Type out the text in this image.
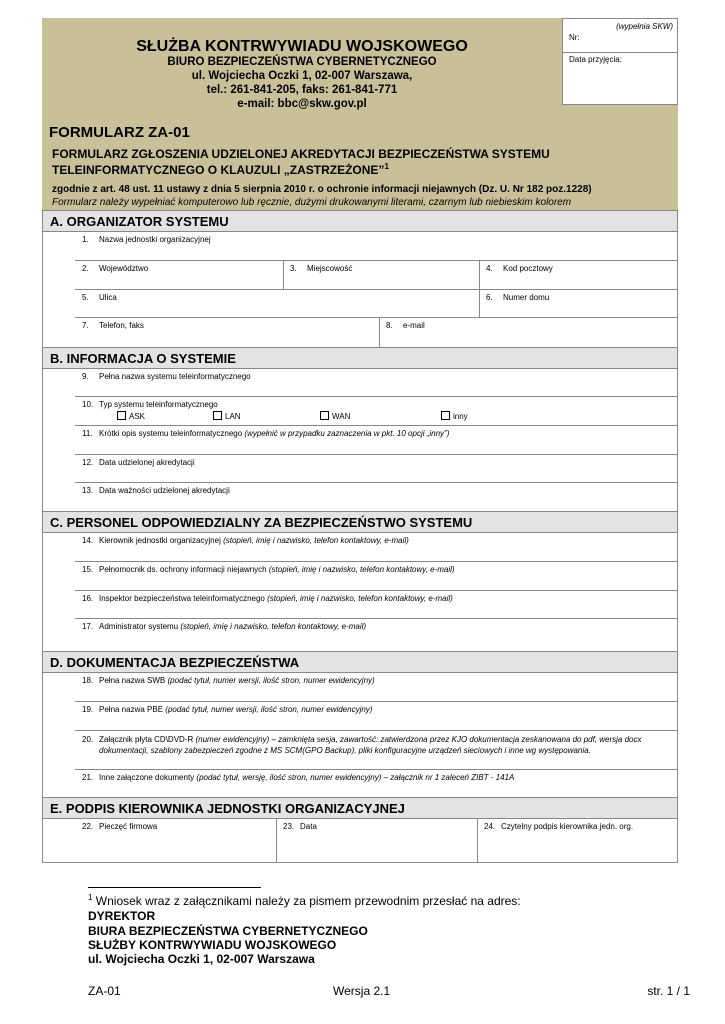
SŁUŻBA KONTRWYWIADU WOJSKOWEGO
BIURO BEZPIECZEŃSTWA CYBERNETYCZNEGO
ul. Wojciecha Oczki 1, 02-007 Warszawa,
tel.: 261-841-205, faks: 261-841-771
e-mail: bbc@skw.gov.pl
(wypełnia SKW)
Nr:
Data przyjęcia:
FORMULARZ ZA-01
FORMULARZ ZGŁOSZENIA UDZIELONEJ AKREDYTACJI BEZPIECZEŃSTWA SYSTEMU
TELEINFORMATYCZNEGO O KLAUZULI „ZASTRZEŻONE”$^1$
zgodnie z art. 48 ust. 11 ustawy z dnia 5 sierpnia 2010 r. o ochronie informacji niejawnych (Dz. U. Nr 182 poz.1228)
Formularz należy wypełniać komputerowo lub ręcznie, dużymi drukowanymi literami, czarnym lub niebieskim kolorem
A. ORGANIZATOR SYSTEMU
1. Nazwa jednostki organizacyjnej
2. Województwo	3. Miejscowość	4. Kod pocztowy
5. Ulica	6. Numer domu
7. Telefon, faks	8. e-mail
B. INFORMACJA O SYSTEMIE
9. Pełna nazwa systemu teleinformatycznego
10. Typ systemu teleinformatycznego
ASK	LAN	WAN	inny
11. Krótki opis systemu teleinformatycznego (wypełnić w przypadku zaznaczenia w pkt. 10 opcji „inny”)
12. Data udzielonej akredytacji
13. Data ważności udzielonej akredytacji
C. PERSONEL ODPOWIEDZIALNY ZA BEZPIECZEŃSTWO SYSTEMU
14. Kierownik jednostki organizacyjnej (stopień, imię i nazwisko, telefon kontaktowy, e-mail)
15. Pełnomocnik ds. ochrony informacji niejawnych (stopień, imię i nazwisko, telefon kontaktowy, e-mail)
16. Inspektor bezpieczeństwa teleinformatycznego (stopień, imię i nazwisko, telefon kontaktowy, e-mail)
17. Administrator systemu (stopień, imię i nazwisko, telefon kontaktowy, e-mail)
D. DOKUMENTACJA BEZPIECZEŃSTWA
18. Pełna nazwa SWB (podać tytuł, numer wersji, ilość stron, numer ewidencyjny)
19. Pełna nazwa PBE (podać tytuł, numer wersji, ilość stron, numer ewidencyjny)
20. Załącznik płyta CD\DVD-R (numer ewidencyjny) – zamknięta sesja, zawartość: zatwierdzona przez KJO dokumentacja zeskanowana do pdf, wersja docx
dokumentacji, szablony zabezpieczeń zgodne z MS SCM(GPO Backup), pliki konfiguracyjne urządzeń sieciowych i inne wg występowania.
21. Inne załączone dokumenty (podać tytuł, wersję, ilość stron, numer ewidencyjny) – załącznik nr 1 zaleceń ZIBT - 141A
E. PODPIS KIEROWNIKA JEDNOSTKI ORGANIZACYJNEJ
22. Pieczęć firmowa	23. Data	24. Czytelny podpis kierownika jedn. org.
$^1$ Wniosek wraz z załącznikami należy za pismem przewodnim przesłać na adres:
DYREKTOR
BIURA BEZPIECZEŃSTWA CYBERNETYCZNEGO
SŁUŻBY KONTRWYWIADU WOJSKOWEGO
ul. Wojciecha Oczki 1, 02-007 Warszawa
ZA-01	Wersja 2.1	str. 1 / 1
